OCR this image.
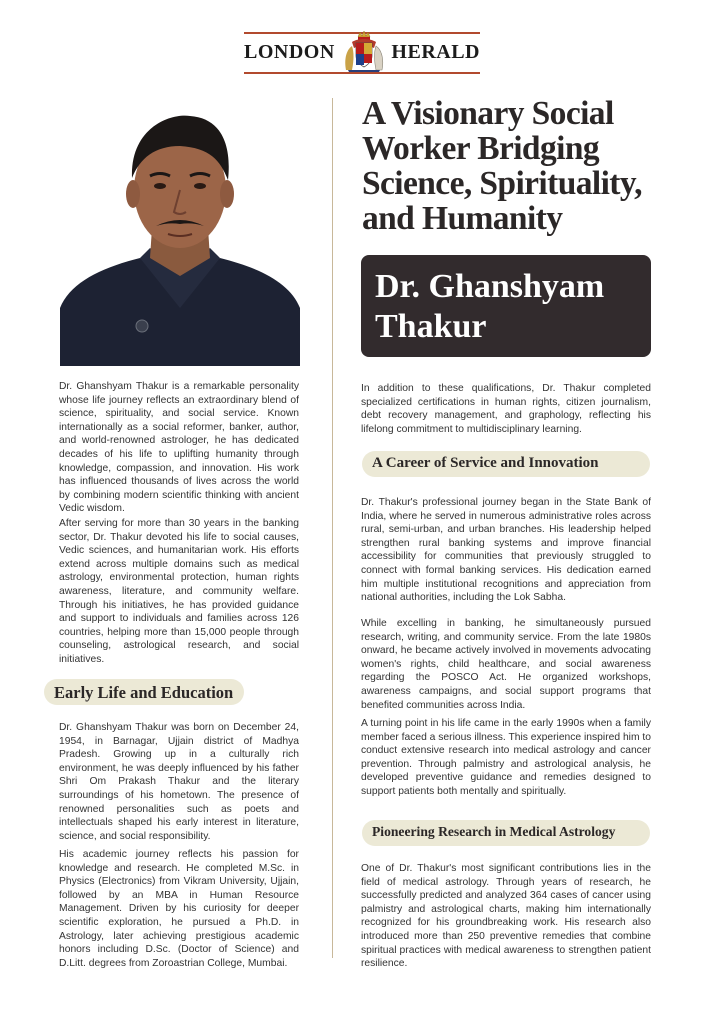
LONDON	HERALD

Dr. Ghanshyam Thakur is a remarkable personality whose life journey reflects an extraordinary blend of science, spirituality, and social service. Known internationally as a social reformer, banker, author, and world-renowned astrologer, he has dedicated decades of his life to uplifting humanity through knowledge, compassion, and innovation. His work has influenced thousands of lives across the world by combining modern scientific thinking with ancient Vedic wisdom.

After serving for more than 30 years in the banking sector, Dr. Thakur devoted his life to social causes, Vedic sciences, and humanitarian work. His efforts extend across multiple domains such as medical astrology, environmental protection, human rights awareness, literature, and community welfare. Through his initiatives, he has provided guidance and support to individuals and families across 126 countries, helping more than 15,000 people through counseling, astrological research, and social initiatives.

Early Life and Education

Dr. Ghanshyam Thakur was born on December 24, 1954, in Barnagar, Ujjain district of Madhya Pradesh. Growing up in a culturally rich environment, he was deeply influenced by his father Shri Om Prakash Thakur and the literary surroundings of his hometown. The presence of renowned personalities such as poets and intellectuals shaped his early interest in literature, science, and social responsibility.

His academic journey reflects his passion for knowledge and research. He completed M.Sc. in Physics (Electronics) from Vikram University, Ujjain, followed by an MBA in Human Resource Management. Driven by his curiosity for deeper scientific exploration, he pursued a Ph.D. in Astrology, later achieving prestigious academic honors including D.Sc. (Doctor of Science) and D.Litt. degrees from Zoroastrian College, Mumbai.

A Visionary Social Worker Bridging Science, Spirituality, and Humanity

Dr. Ghanshyam Thakur

In addition to these qualifications, Dr. Thakur completed specialized certifications in human rights, citizen journalism, debt recovery management, and graphology, reflecting his lifelong commitment to multidisciplinary learning.

A Career of Service and Innovation

Dr. Thakur's professional journey began in the State Bank of India, where he served in numerous administrative roles across rural, semi-urban, and urban branches. His leadership helped strengthen rural banking systems and improve financial accessibility for communities that previously struggled to connect with formal banking services. His dedication earned him multiple institutional recognitions and appreciation from national authorities, including the Lok Sabha.

While excelling in banking, he simultaneously pursued research, writing, and community service. From the late 1980s onward, he became actively involved in movements advocating women's rights, child healthcare, and social awareness regarding the POSCO Act. He organized workshops, awareness campaigns, and social support programs that benefited communities across India.

A turning point in his life came in the early 1990s when a family member faced a serious illness. This experience inspired him to conduct extensive research into medical astrology and cancer prevention. Through palmistry and astrological analysis, he developed preventive guidance and remedies designed to support patients both mentally and spiritually.

Pioneering Research in Medical Astrology

One of Dr. Thakur's most significant contributions lies in the field of medical astrology. Through years of research, he successfully predicted and analyzed 364 cases of cancer using palmistry and astrological charts, making him internationally recognized for his groundbreaking work. His research also introduced more than 250 preventive remedies that combine spiritual practices with medical awareness to strengthen patient resilience.
